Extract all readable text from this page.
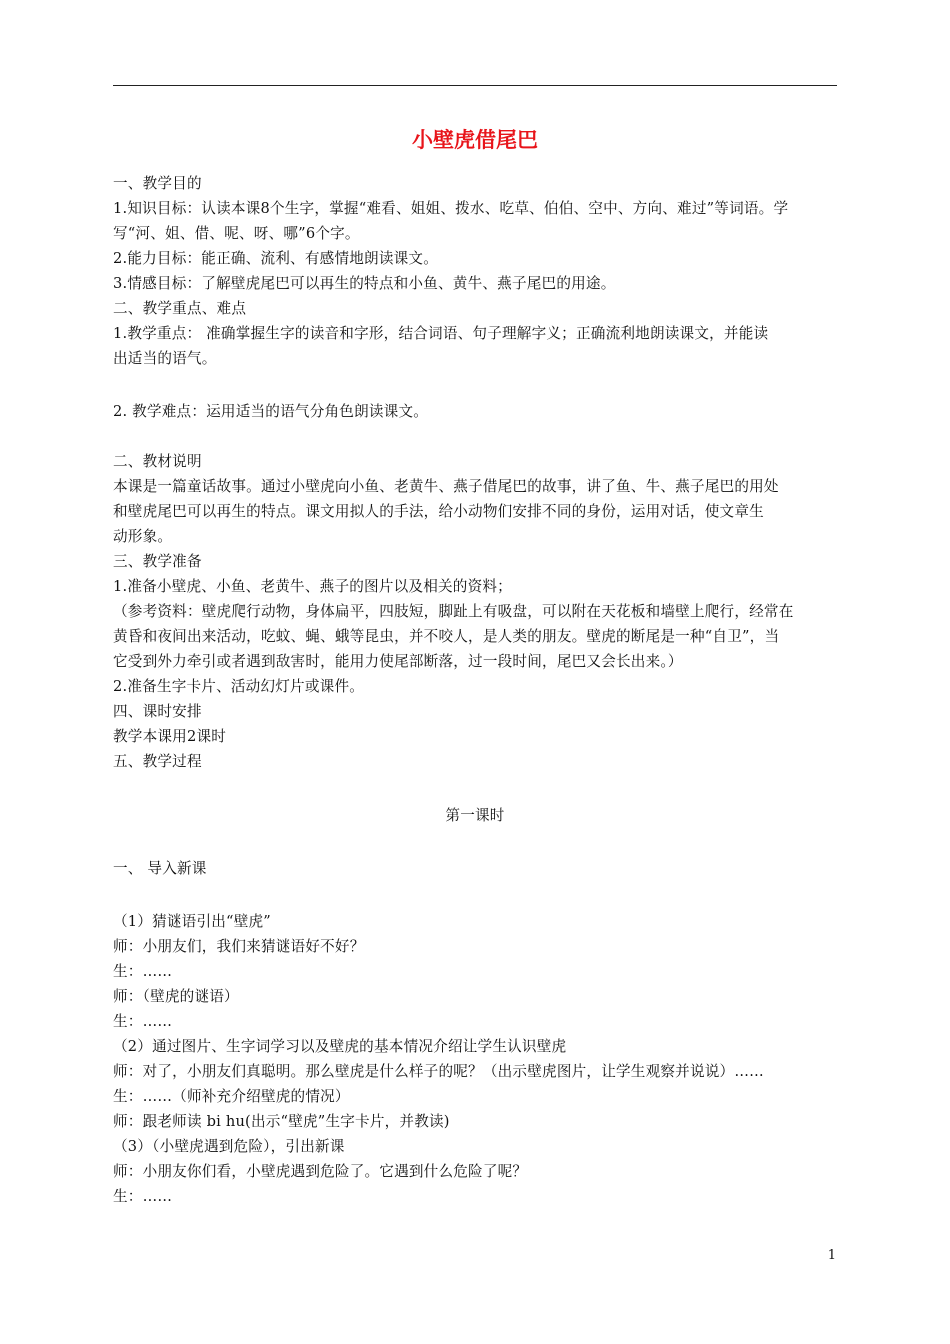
小壁虎借尾巴
一、教学目的
1.知识目标：认读本课8个生字，掌握“难看、姐姐、拨水、吃草、伯伯、空中、方向、难过”等词语。学
写“河、姐、借、呢、呀、哪”6个字。
2.能力目标：能正确、流利、有感情地朗读课文。
3.情感目标：了解壁虎尾巴可以再生的特点和小鱼、黄牛、燕子尾巴的用途。
二、教学重点、难点
1.教学重点： 准确掌握生字的读音和字形，结合词语、句子理解字义；正确流利地朗读课文，并能读
出适当的语气。
2. 教学难点：运用适当的语气分角色朗读课文。
二、教材说明
本课是一篇童话故事。通过小壁虎向小鱼、老黄牛、燕子借尾巴的故事，讲了鱼、牛、燕子尾巴的用处
和壁虎尾巴可以再生的特点。课文用拟人的手法，给小动物们安排不同的身份，运用对话，使文章生
动形象。
三、教学准备
1.准备小壁虎、小鱼、老黄牛、燕子的图片以及相关的资料；
（参考资料：壁虎爬行动物，身体扁平，四肢短，脚趾上有吸盘，可以附在天花板和墙壁上爬行，经常在
黄昏和夜间出来活动，吃蚊、蝇、蛾等昆虫，并不咬人，是人类的朋友。壁虎的断尾是一种“自卫”，当
它受到外力牵引或者遇到敌害时，能用力使尾部断落，过一段时间，尾巴又会长出来。）
2.准备生字卡片、活动幻灯片或课件。
四、课时安排
教学本课用2课时
五、教学过程
第一课时
一、 导入新课
（1）猜谜语引出“壁虎”
师：小朋友们，我们来猜谜语好不好？
生：……
师：（壁虎的谜语）
生：……
（2）通过图片、生字词学习以及壁虎的基本情况介绍让学生认识壁虎
师：对了，小朋友们真聪明。那么壁虎是什么样子的呢？（出示壁虎图片，让学生观察并说说）……
生：……（师补充介绍壁虎的情况）
师：跟老师读 bi hu(出示“壁虎”生字卡片，并教读)
（3）（小壁虎遇到危险），引出新课
师：小朋友你们看，小壁虎遇到危险了。它遇到什么危险了呢？
生：……
1
